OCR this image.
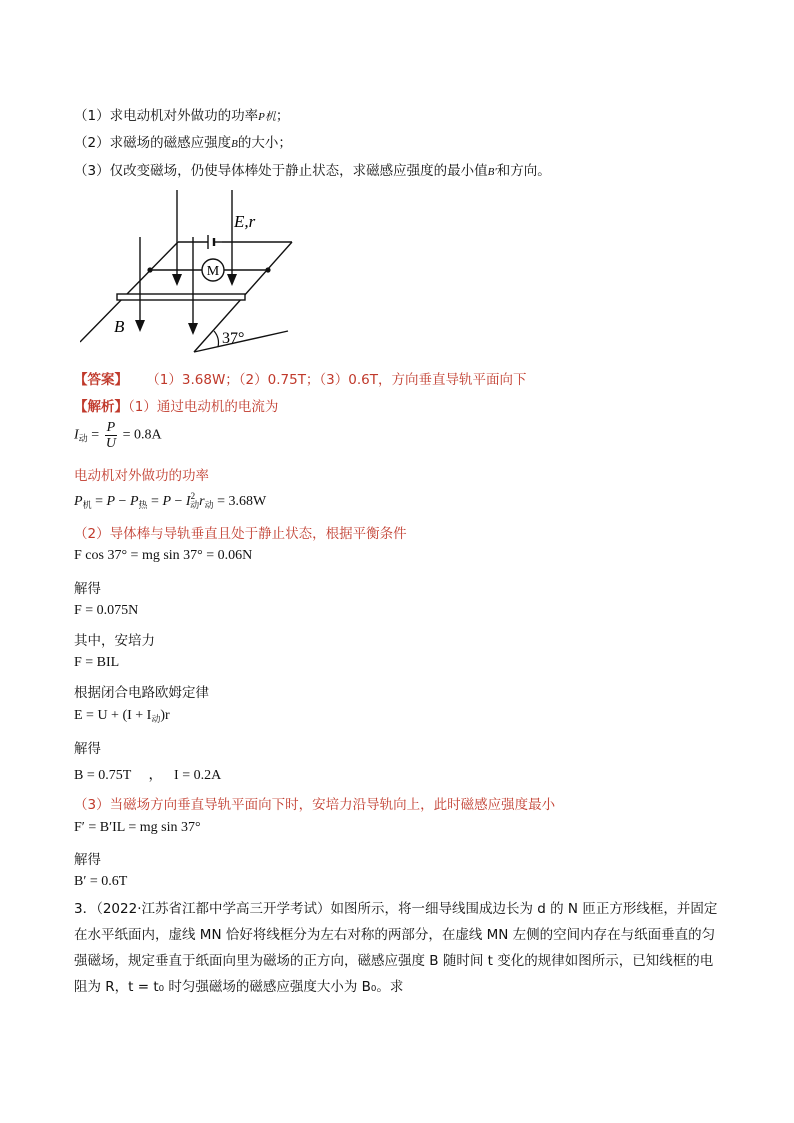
（1）求电动机对外做功的功率P机；
（2）求磁场的磁感应强度B的大小；
（3）仅改变磁场，仍使导体棒处于静止状态，求磁感应强度的最小值B′和方向。
M
E,r
B
37°
【答案】 （1）3.68W；（2）0.75T；（3）0.6T，方向垂直导轨平面向下
【解析】（1）通过电动机的电流为
$I_动 = \frac{P}{U} = 0.8A$
电动机对外做功的功率
$P_机 = P - P_热 = P - I^2_动r_动 = 3.68W$
（2）导体棒与导轨垂直且处于静止状态，根据平衡条件
F cos 37° = mg sin 37° = 0.06N
解得
F = 0.075N
其中，安培力
F = BIL
根据闭合电路欧姆定律
$E = U + (I + I_动)r$
解得
B = 0.75T ， I = 0.2A
（3）当磁场方向垂直导轨平面向下时，安培力沿导轨向上，此时磁感应强度最小
F′ = B′IL = mg sin 37°
解得
B′ = 0.6T
3．（2022·江苏省江都中学高三开学考试）如图所示，将一细导线围成边长为 d 的 N 匝正方形线框，并固定在水平纸面内，虚线 MN 恰好将线框分为左右对称的两部分，在虚线 MN 左侧的空间内存在与纸面垂直的匀强磁场，规定垂直于纸面向里为磁场的正方向，磁感应强度 B 随时间 t 变化的规律如图所示，已知线框的电阻为 R，t = t₀ 时匀强磁场的磁感应强度大小为 B₀。求
